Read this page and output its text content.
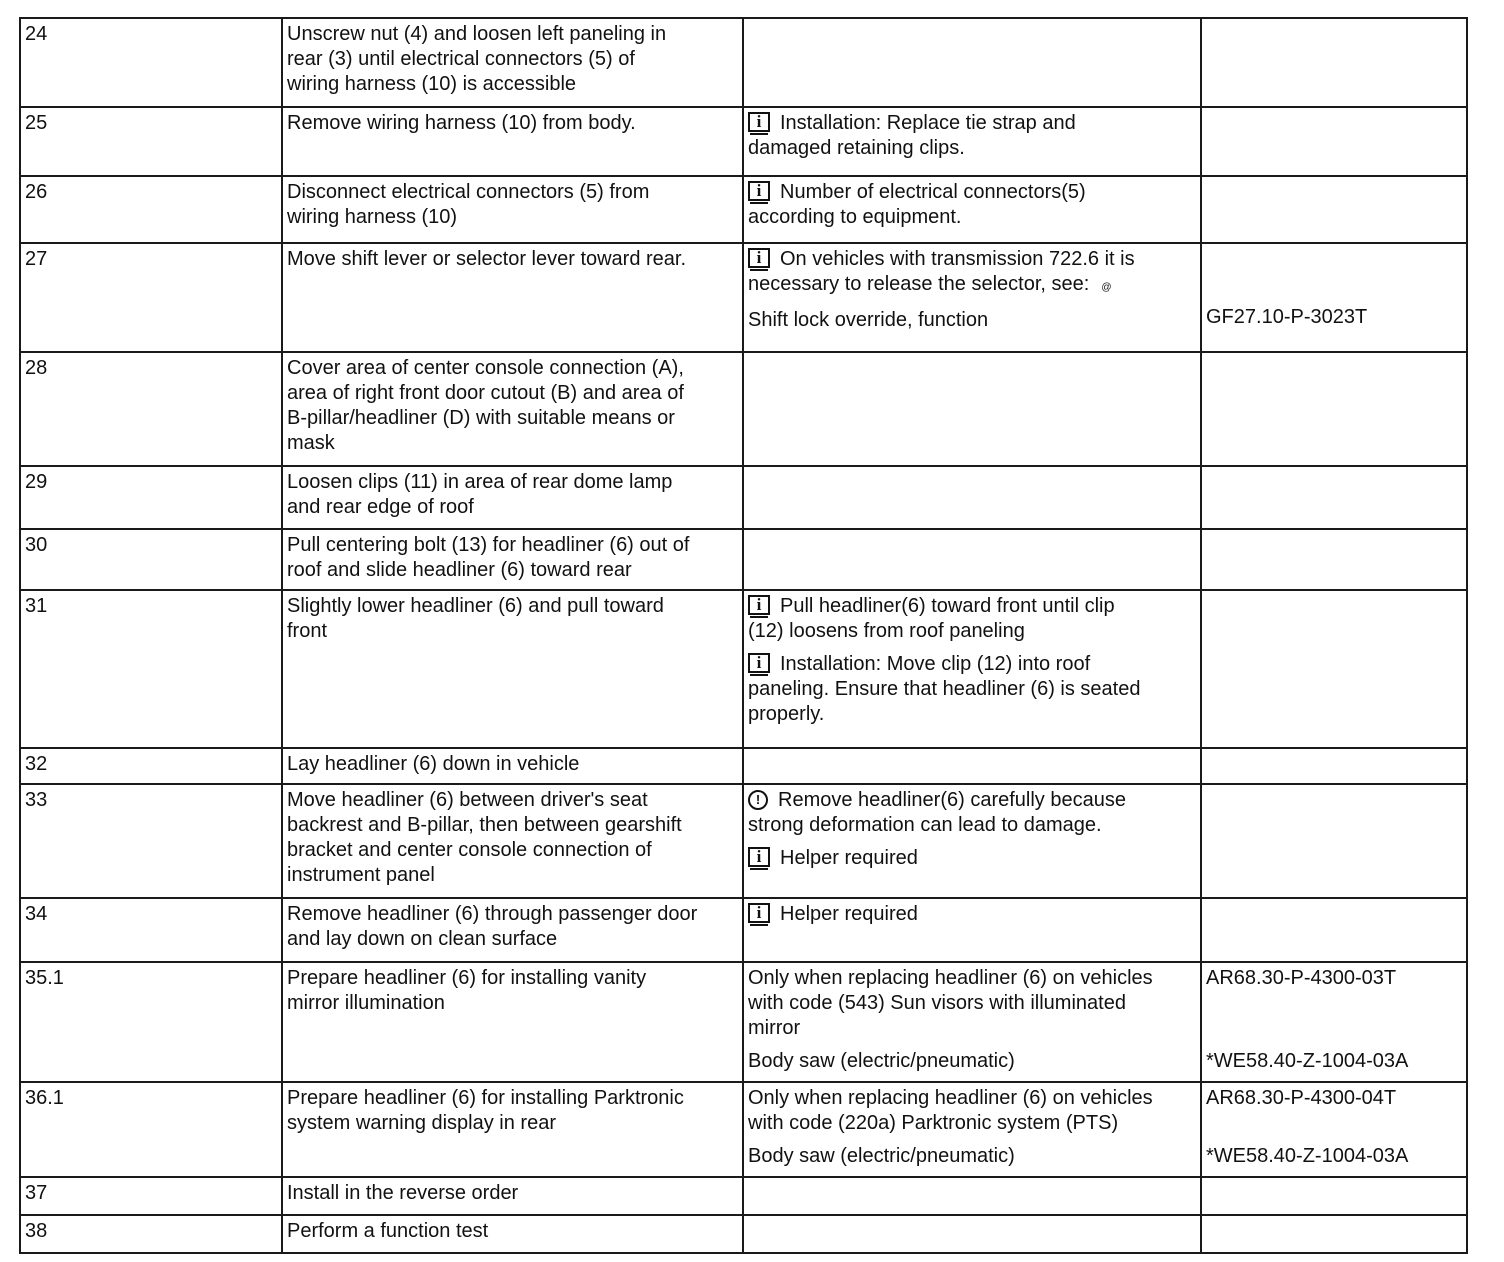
24	Unscrew nut (4) and loosen left paneling in
rear (3) until electrical connectors (5) of
wiring harness (10) is accessible		

25	Remove wiring harness (10) from body.	i Installation: Replace tie strap and
damaged retaining clips.	

26	Disconnect electrical connectors (5) from
wiring harness (10)	i Number of electrical connectors(5)
according to equipment.	

27	Move shift lever or selector lever toward rear.	i On vehicles with transmission 722.6 it is
necessary to release the selector, see: @
Shift lock override, function	GF27.10-P-3023T

28	Cover area of center console connection (A),
area of right front door cutout (B) and area of
B-pillar/headliner (D) with suitable means or
mask		

29	Loosen clips (11) in area of rear dome lamp
and rear edge of roof		

30	Pull centering bolt (13) for headliner (6) out of
roof and slide headliner (6) toward rear		

31	Slightly lower headliner (6) and pull toward
front	i Pull headliner(6) toward front until clip
(12) loosens from roof paneling
i Installation: Move clip (12) into roof
paneling. Ensure that headliner (6) is seated
properly.	

32	Lay headliner (6) down in vehicle		

33	Move headliner (6) between driver's seat
backrest and B-pillar, then between gearshift
bracket and center console connection of
instrument panel	! Remove headliner(6) carefully because
strong deformation can lead to damage.
i Helper required	

34	Remove headliner (6) through passenger door
and lay down on clean surface	i Helper required	

35.1	Prepare headliner (6) for installing vanity
mirror illumination	Only when replacing headliner (6) on vehicles
with code (543) Sun visors with illuminated
mirror
Body saw (electric/pneumatic)	AR68.30-P-4300-03T

*WE58.40-Z-1004-03A

36.1	Prepare headliner (6) for installing Parktronic
system warning display in rear	Only when replacing headliner (6) on vehicles
with code (220a) Parktronic system (PTS)
Body saw (electric/pneumatic)	AR68.30-P-4300-04T

*WE58.40-Z-1004-03A

37	Install in the reverse order		

38	Perform a function test		
